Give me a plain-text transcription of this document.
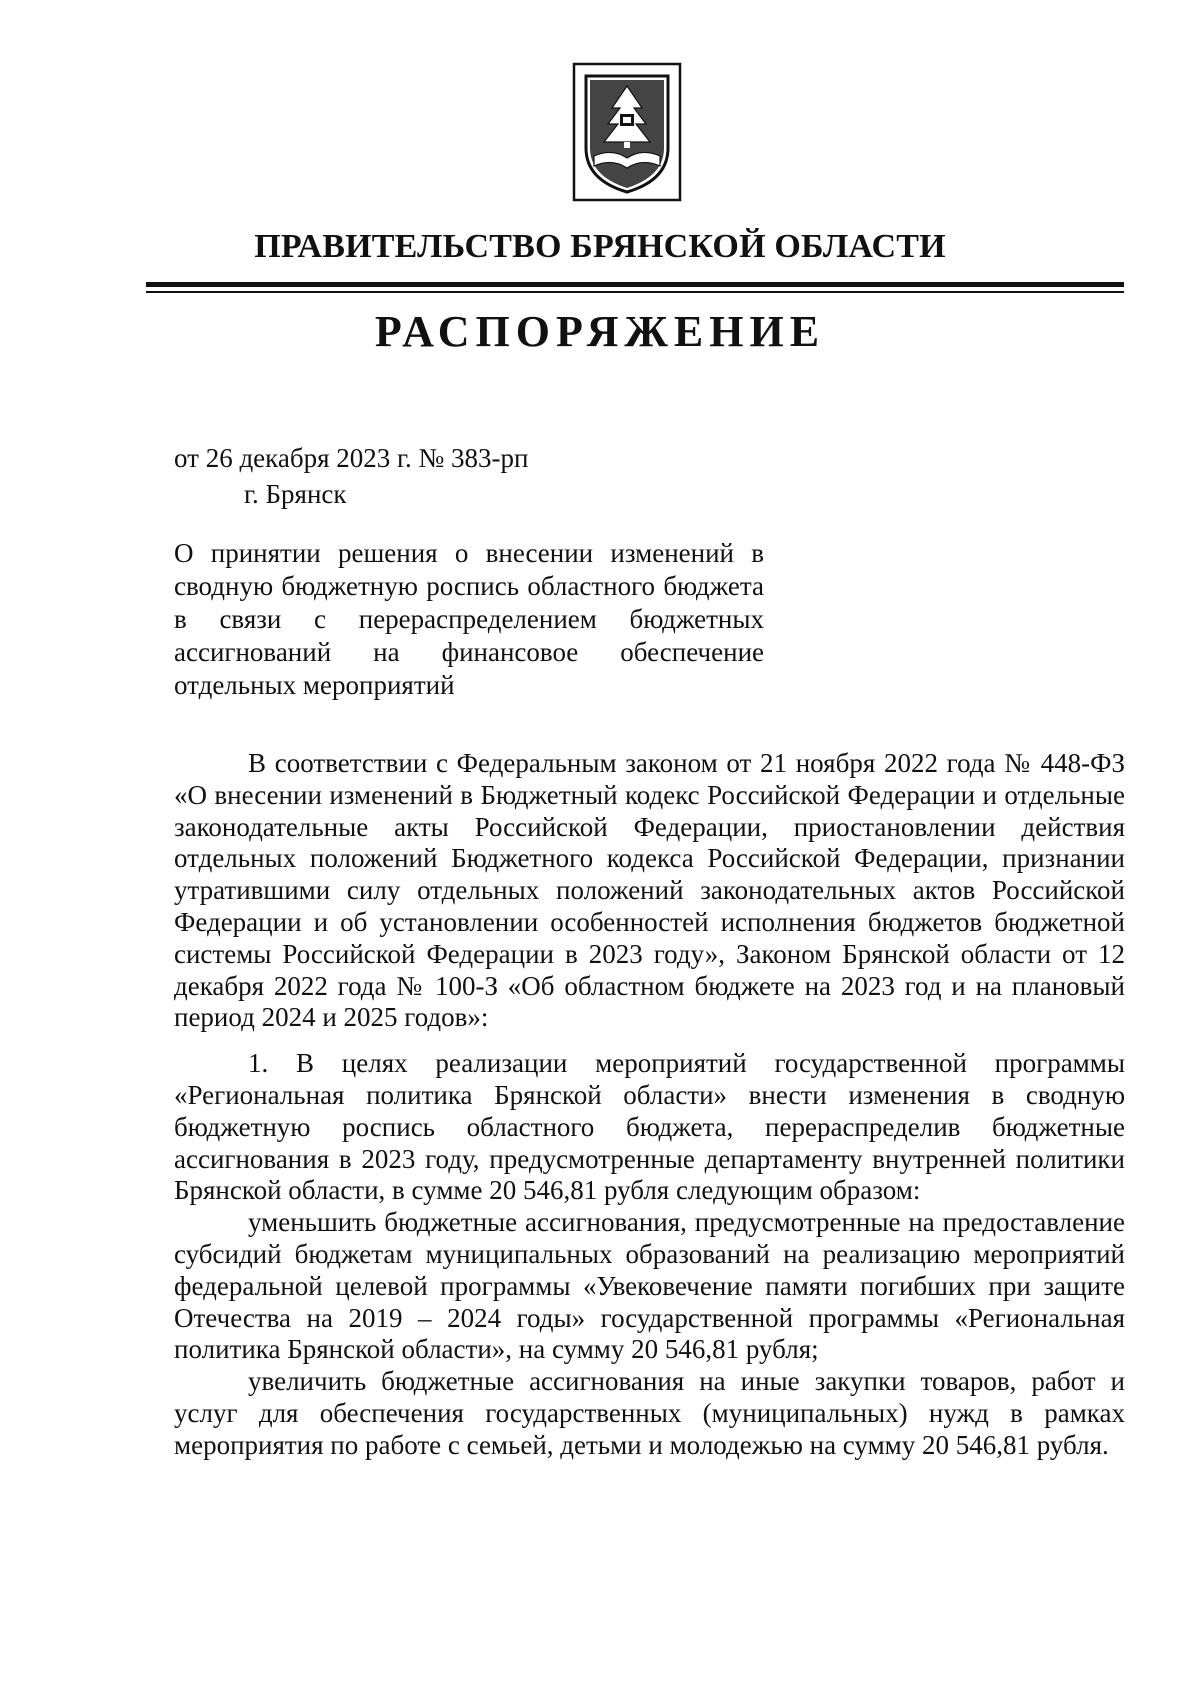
ПРАВИТЕЛЬСТВО БРЯНСКОЙ ОБЛАСТИ
РАСПОРЯЖЕНИЕ
от 26 декабря 2023 г. № 383-рп
г. Брянск
О принятии решения о внесении изменений в сводную бюджетную роспись областного бюджета в связи с перераспределением бюджетных ассигнований на финансовое обеспечение отдельных мероприятий

В соответствии с Федеральным законом от 21 ноября 2022 года № 448-ФЗ «О внесении изменений в Бюджетный кодекс Российской Федерации и отдельные законодательные акты Российской Федерации, приостановлении действия отдельных положений Бюджетного кодекса Российской Федерации, признании утратившими силу отдельных положений законодательных актов Российской Федерации и об установлении особенностей исполнения бюджетов бюджетной системы Российской Федерации в 2023 году», Законом Брянской области от 12 декабря 2022 года № 100-З «Об областном бюджете на 2023 год и на плановый период 2024 и 2025 годов»:

1. В целях реализации мероприятий государственной программы «Региональная политика Брянской области» внести изменения в сводную бюджетную роспись областного бюджета, перераспределив бюджетные ассигнования в 2023 году, предусмотренные департаменту внутренней политики Брянской области, в сумме 20 546,81 рубля следующим образом:

уменьшить бюджетные ассигнования, предусмотренные на предоставление субсидий бюджетам муниципальных образований на реализацию мероприятий федеральной целевой программы «Увековечение памяти погибших при защите Отечества на 2019 – 2024 годы» государственной программы «Региональная политика Брянской области», на сумму 20 546,81 рубля;

увеличить бюджетные ассигнования на иные закупки товаров, работ и услуг для обеспечения государственных (муниципальных) нужд в рамках мероприятия по работе с семьей, детьми и молодежью на сумму 20 546,81 рубля.
